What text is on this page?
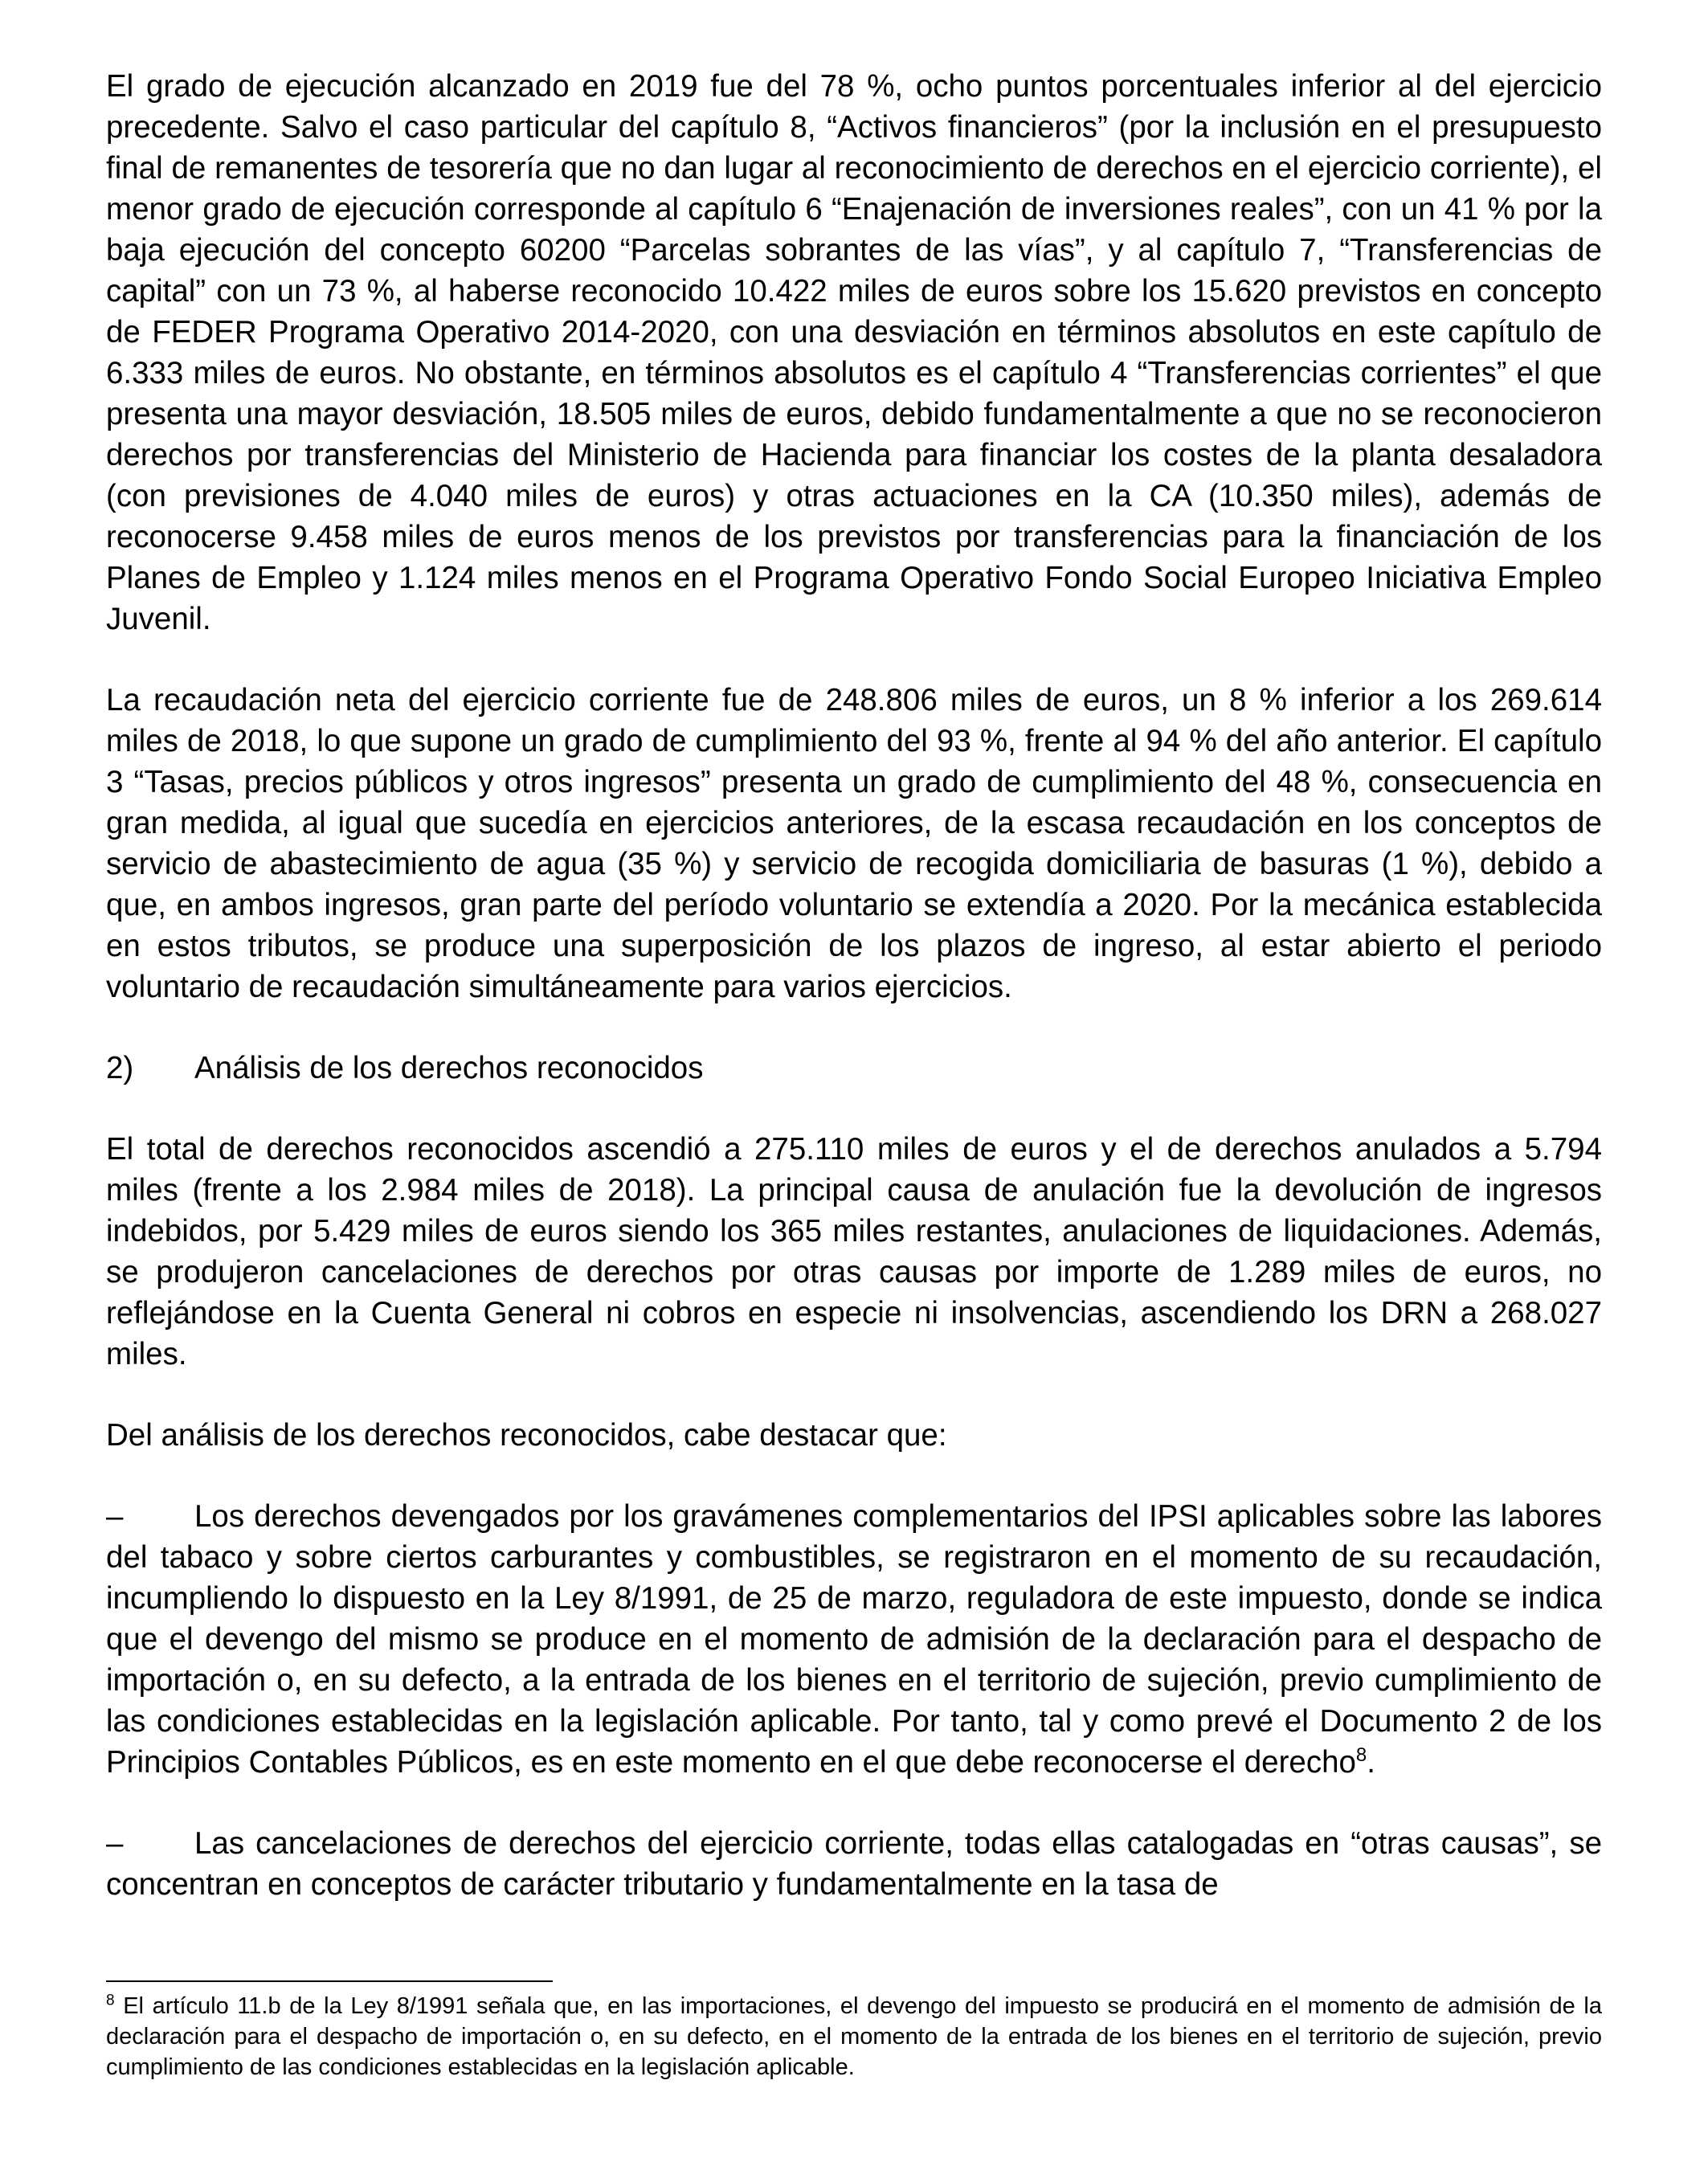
El grado de ejecución alcanzado en 2019 fue del 78 %, ocho puntos porcentuales inferior al del ejercicio precedente. Salvo el caso particular del capítulo 8, “Activos financieros” (por la inclusión en el presupuesto final de remanentes de tesorería que no dan lugar al reconocimiento de derechos en el ejercicio corriente), el menor grado de ejecución corresponde al capítulo 6 “Enajenación de inversiones reales”, con un 41 % por la baja ejecución del concepto 60200 “Parcelas sobrantes de las vías”, y al capítulo 7, “Transferencias de capital” con un 73 %, al haberse reconocido 10.422 miles de euros sobre los 15.620 previstos en concepto de FEDER Programa Operativo 2014-2020, con una desviación en términos absolutos en este capítulo de 6.333 miles de euros. No obstante, en términos absolutos es el capítulo 4 “Transferencias corrientes” el que presenta una mayor desviación, 18.505 miles de euros, debido fundamentalmente a que no se reconocieron derechos por transferencias del Ministerio de Hacienda para financiar los costes de la planta desaladora (con previsiones de 4.040 miles de euros) y otras actuaciones en la CA (10.350 miles), además de reconocerse 9.458 miles de euros menos de los previstos por transferencias para la financiación de los Planes de Empleo y 1.124 miles menos en el Programa Operativo Fondo Social Europeo Iniciativa Empleo Juvenil.

La recaudación neta del ejercicio corriente fue de 248.806 miles de euros, un 8 % inferior a los 269.614 miles de 2018, lo que supone un grado de cumplimiento del 93 %, frente al 94 % del año anterior. El capítulo 3 “Tasas, precios públicos y otros ingresos” presenta un grado de cumplimiento del 48 %, consecuencia en gran medida, al igual que sucedía en ejercicios anteriores, de la escasa recaudación en los conceptos de servicio de abastecimiento de agua (35 %) y servicio de recogida domiciliaria de basuras (1 %), debido a que, en ambos ingresos, gran parte del período voluntario se extendía a 2020. Por la mecánica establecida en estos tributos, se produce una superposición de los plazos de ingreso, al estar abierto el periodo voluntario de recaudación simultáneamente para varios ejercicios.

2) Análisis de los derechos reconocidos

El total de derechos reconocidos ascendió a 275.110 miles de euros y el de derechos anulados a 5.794 miles (frente a los 2.984 miles de 2018). La principal causa de anulación fue la devolución de ingresos indebidos, por 5.429 miles de euros siendo los 365 miles restantes, anulaciones de liquidaciones. Además, se produjeron cancelaciones de derechos por otras causas por importe de 1.289 miles de euros, no reflejándose en la Cuenta General ni cobros en especie ni insolvencias, ascendiendo los DRN a 268.027 miles.

Del análisis de los derechos reconocidos, cabe destacar que:

– Los derechos devengados por los gravámenes complementarios del IPSI aplicables sobre las labores del tabaco y sobre ciertos carburantes y combustibles, se registraron en el momento de su recaudación, incumpliendo lo dispuesto en la Ley 8/1991, de 25 de marzo, reguladora de este impuesto, donde se indica que el devengo del mismo se produce en el momento de admisión de la declaración para el despacho de importación o, en su defecto, a la entrada de los bienes en el territorio de sujeción, previo cumplimiento de las condiciones establecidas en la legislación aplicable. Por tanto, tal y como prevé el Documento 2 de los Principios Contables Públicos, es en este momento en el que debe reconocerse el derecho$^8$.

– Las cancelaciones de derechos del ejercicio corriente, todas ellas catalogadas en “otras causas”, se concentran en conceptos de carácter tributario y fundamentalmente en la tasa de

$^8$ El artículo 11.b de la Ley 8/1991 señala que, en las importaciones, el devengo del impuesto se producirá en el momento de admisión de la declaración para el despacho de importación o, en su defecto, en el momento de la entrada de los bienes en el territorio de sujeción, previo cumplimiento de las condiciones establecidas en la legislación aplicable.
